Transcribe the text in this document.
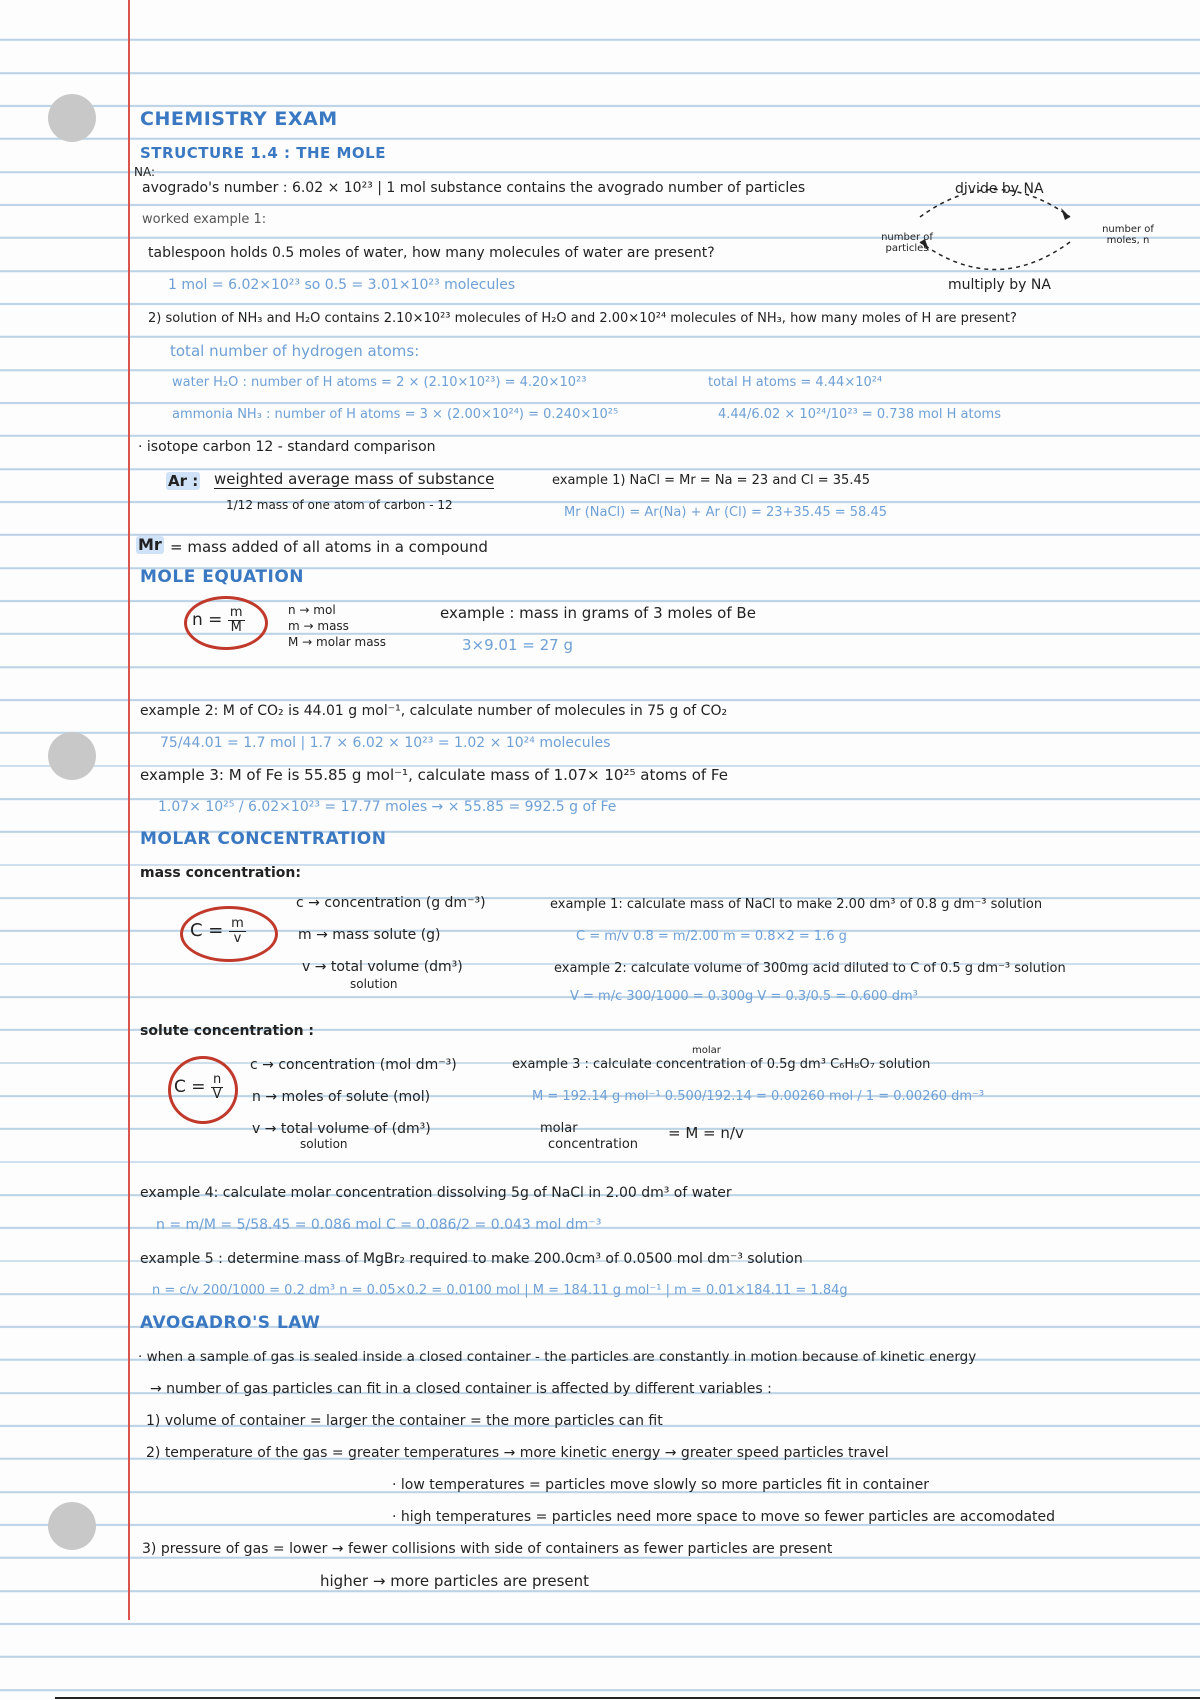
CHEMISTRY EXAM
STRUCTURE 1.4 : THE MOLE
NA:
avogrado's number : 6.02 × 10²³ | 1 mol substance contains the avogrado number of particles
worked example 1:
tablespoon holds 0.5 moles of water, how many molecules of water are present?
1 mol = 6.02×10²³ so 0.5 = 3.01×10²³ molecules
2) solution of NH₃ and H₂O contains 2.10×10²³ molecules of H₂O and 2.00×10²⁴ molecules of NH₃, how many moles of H are present?
total number of hydrogen atoms:
water H₂O : number of H atoms = 2 × (2.10×10²³) = 4.20×10²³	total H atoms = 4.44×10²⁴
ammonia NH₃ : number of H atoms = 3 × (2.00×10²⁴) = 0.240×10²⁵	4.44/6.02 × 10²⁴/10²³ = 0.738 mol H atoms
divide by NA
number of particles
number of moles, n
multiply by NA
· isotope carbon 12 - standard comparison
Ar : weighted average mass of substance
1/12 mass of one atom of carbon - 12
example 1) NaCl = Mr = Na = 23 and Cl = 35.45
Mr (NaCl) = Ar(Na) + Ar (Cl) = 23+35.45 = 58.45
Mr = mass added of all atoms in a compound
MOLE EQUATION
$n = \frac{m}{M}$	n → mol
m → mass
M → molar mass
example : mass in grams of 3 moles of Be
3×9.01 = 27 g
example 2: M of CO₂ is 44.01 g mol⁻¹, calculate number of molecules in 75 g of CO₂
75/44.01 = 1.7 mol | 1.7 × 6.02 × 10²³ = 1.02 × 10²⁴ molecules
example 3: M of Fe is 55.85 g mol⁻¹, calculate mass of 1.07× 10²⁵ atoms of Fe
1.07× 10²⁵ / 6.02×10²³ = 17.77 moles → × 55.85 = 992.5 g of Fe
MOLAR CONCENTRATION
mass concentration:
$C = \frac{m}{v}$
c → concentration (g dm⁻³)
m → mass solute (g)
v → total volume (dm³)
solution
example 1: calculate mass of NaCl to make 2.00 dm³ of 0.8 g dm⁻³ solution
C = m/v 0.8 = m/2.00 m = 0.8×2 = 1.6 g
example 2: calculate volume of 300mg acid diluted to C of 0.5 g dm⁻³ solution
V = m/c 300/1000 = 0.300g V = 0.3/0.5 = 0.600 dm³
solute concentration :
$C = \frac{n}{V}$
c → concentration (mol dm⁻³)
n → moles of solute (mol)
v → total volume of (dm³)
solution
molar
example 3 : calculate concentration of 0.5g dm³ C₆H₈O₇ solution
M = 192.14 g mol⁻¹ 0.500/192.14 = 0.00260 mol / 1 = 0.00260 dm⁻³
molar
concentration
= M = n/v
example 4: calculate molar concentration dissolving 5g of NaCl in 2.00 dm³ of water
n = m/M = 5/58.45 = 0.086 mol C = 0.086/2 = 0.043 mol dm⁻³
example 5 : determine mass of MgBr₂ required to make 200.0cm³ of 0.0500 mol dm⁻³ solution
n = c/v 200/1000 = 0.2 dm³ n = 0.05×0.2 = 0.0100 mol | M = 184.11 g mol⁻¹ | m = 0.01×184.11 = 1.84g
AVOGADRO'S LAW
· when a sample of gas is sealed inside a closed container - the particles are constantly in motion because of kinetic energy
→ number of gas particles can fit in a closed container is affected by different variables :
1) volume of container = larger the container = the more particles can fit
2) temperature of the gas = greater temperatures → more kinetic energy → greater speed particles travel
· low temperatures = particles move slowly so more particles fit in container
· high temperatures = particles need more space to move so fewer particles are accomodated
3) pressure of gas = lower → fewer collisions with side of containers as fewer particles are present
higher → more particles are present
